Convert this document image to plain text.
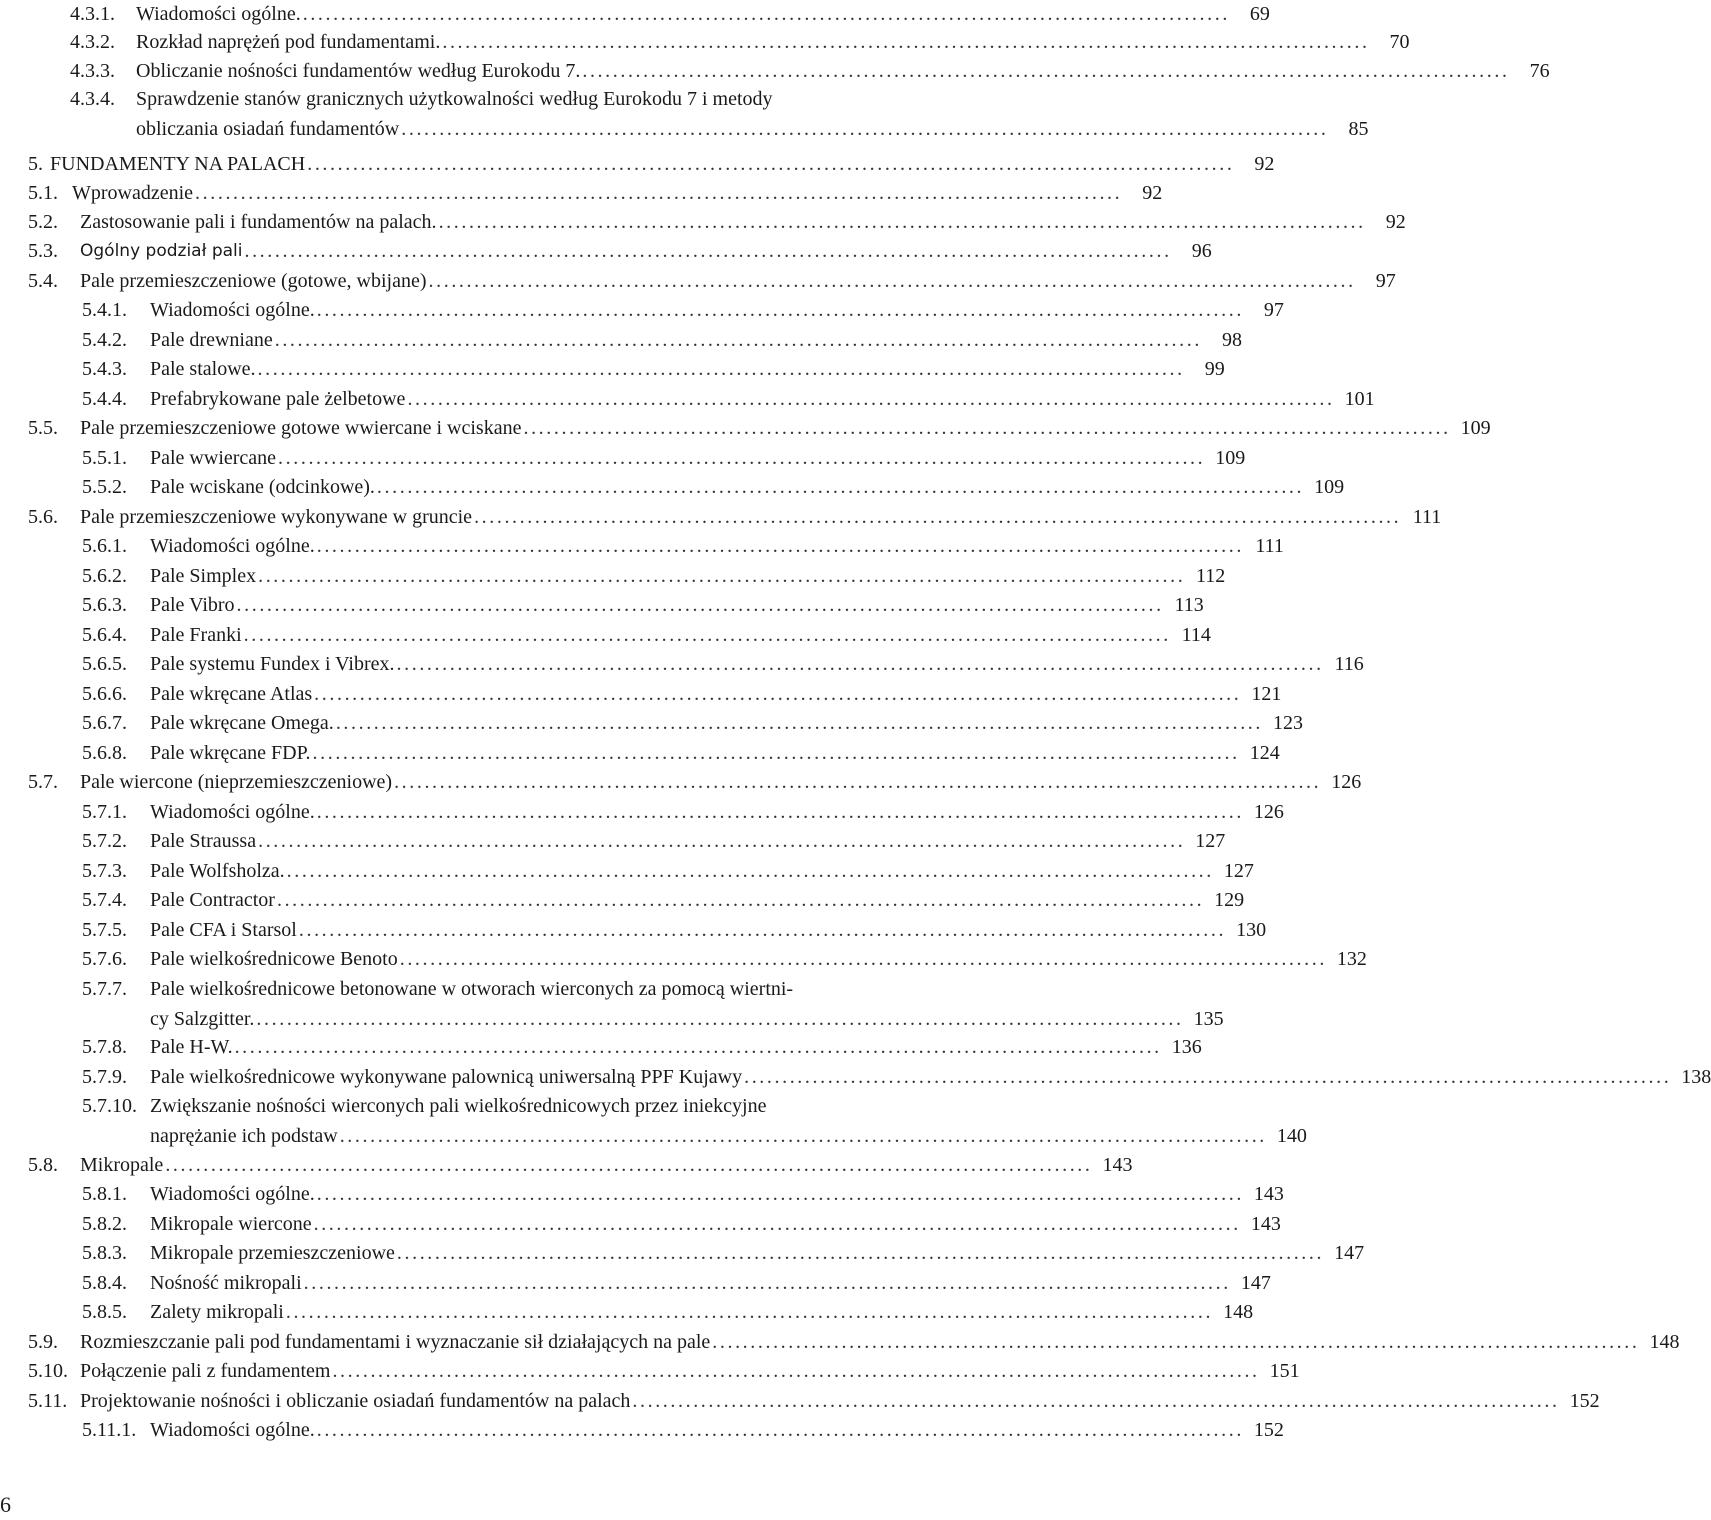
4.3.1. Wiadomości ogólne. ..........................................................................................................................	69
4.3.2. Rozkład naprężeń pod fundamentami. ..........................................................................................................................	70
4.3.3. Obliczanie nośności fundamentów według Eurokodu 7. ..........................................................................................................................	76
4.3.4. Sprawdzenie stanów granicznych użytkowalności według Eurokodu 7 i metody
obliczania osiadań fundamentów ..........................................................................................................................	85
5. FUNDAMENTY NA PALACH ..........................................................................................................................	92
5.1. Wprowadzenie ..........................................................................................................................	92
5.2. Zastosowanie pali i fundamentów na palach. ..........................................................................................................................	92
5.3. Ogólny podział pali ..........................................................................................................................	96
5.4. Pale przemieszczeniowe (gotowe, wbijane) ..........................................................................................................................	97
5.4.1. Wiadomości ogólne. ..........................................................................................................................	97
5.4.2. Pale drewniane ..........................................................................................................................	98
5.4.3. Pale stalowe. ..........................................................................................................................	99
5.4.4. Prefabrykowane pale żelbetowe .......................................................................................................................... 101
5.5. Pale przemieszczeniowe gotowe wwiercane i wciskane .......................................................................................................................... 109
5.5.1. Pale wwiercane .......................................................................................................................... 109
5.5.2. Pale wciskane (odcinkowe). .......................................................................................................................... 109
5.6. Pale przemieszczeniowe wykonywane w gruncie .......................................................................................................................... 111
5.6.1. Wiadomości ogólne. .......................................................................................................................... 111
5.6.2. Pale Simplex .......................................................................................................................... 112
5.6.3. Pale Vibro .......................................................................................................................... 113
5.6.4. Pale Franki .......................................................................................................................... 114
5.6.5. Pale systemu Fundex i Vibrex. .......................................................................................................................... 116
5.6.6. Pale wkręcane Atlas .......................................................................................................................... 121
5.6.7. Pale wkręcane Omega. .......................................................................................................................... 123
5.6.8. Pale wkręcane FDP. .......................................................................................................................... 124
5.7. Pale wiercone (nieprzemieszczeniowe) .......................................................................................................................... 126
5.7.1. Wiadomości ogólne. .......................................................................................................................... 126
5.7.2. Pale Straussa .......................................................................................................................... 127
5.7.3. Pale Wolfsholza. .......................................................................................................................... 127
5.7.4. Pale Contractor .......................................................................................................................... 129
5.7.5. Pale CFA i Starsol .......................................................................................................................... 130
5.7.6. Pale wielkośrednicowe Benoto .......................................................................................................................... 132
5.7.7. Pale wielkośrednicowe betonowane w otworach wierconych za pomocą wiertni-
cy Salzgitter. .......................................................................................................................... 135
5.7.8. Pale H-W. .......................................................................................................................... 136
5.7.9. Pale wielkośrednicowe wykonywane palownicą uniwersalną PPF Kujawy .......................................................................................................................... 138
5.7.10. Zwiększanie nośności wierconych pali wielkośrednicowych przez iniekcyjne
naprężanie ich podstaw .......................................................................................................................... 140
5.8. Mikropale .......................................................................................................................... 143
5.8.1. Wiadomości ogólne. .......................................................................................................................... 143
5.8.2. Mikropale wiercone .......................................................................................................................... 143
5.8.3. Mikropale przemieszczeniowe .......................................................................................................................... 147
5.8.4. Nośność mikropali .......................................................................................................................... 147
5.8.5. Zalety mikropali .......................................................................................................................... 148
5.9. Rozmieszczanie pali pod fundamentami i wyznaczanie sił działających na pale .......................................................................................................................... 148
5.10. Połączenie pali z fundamentem .......................................................................................................................... 151
5.11. Projektowanie nośności i obliczanie osiadań fundamentów na palach .......................................................................................................................... 152
5.11.1. Wiadomości ogólne. .......................................................................................................................... 152
6
